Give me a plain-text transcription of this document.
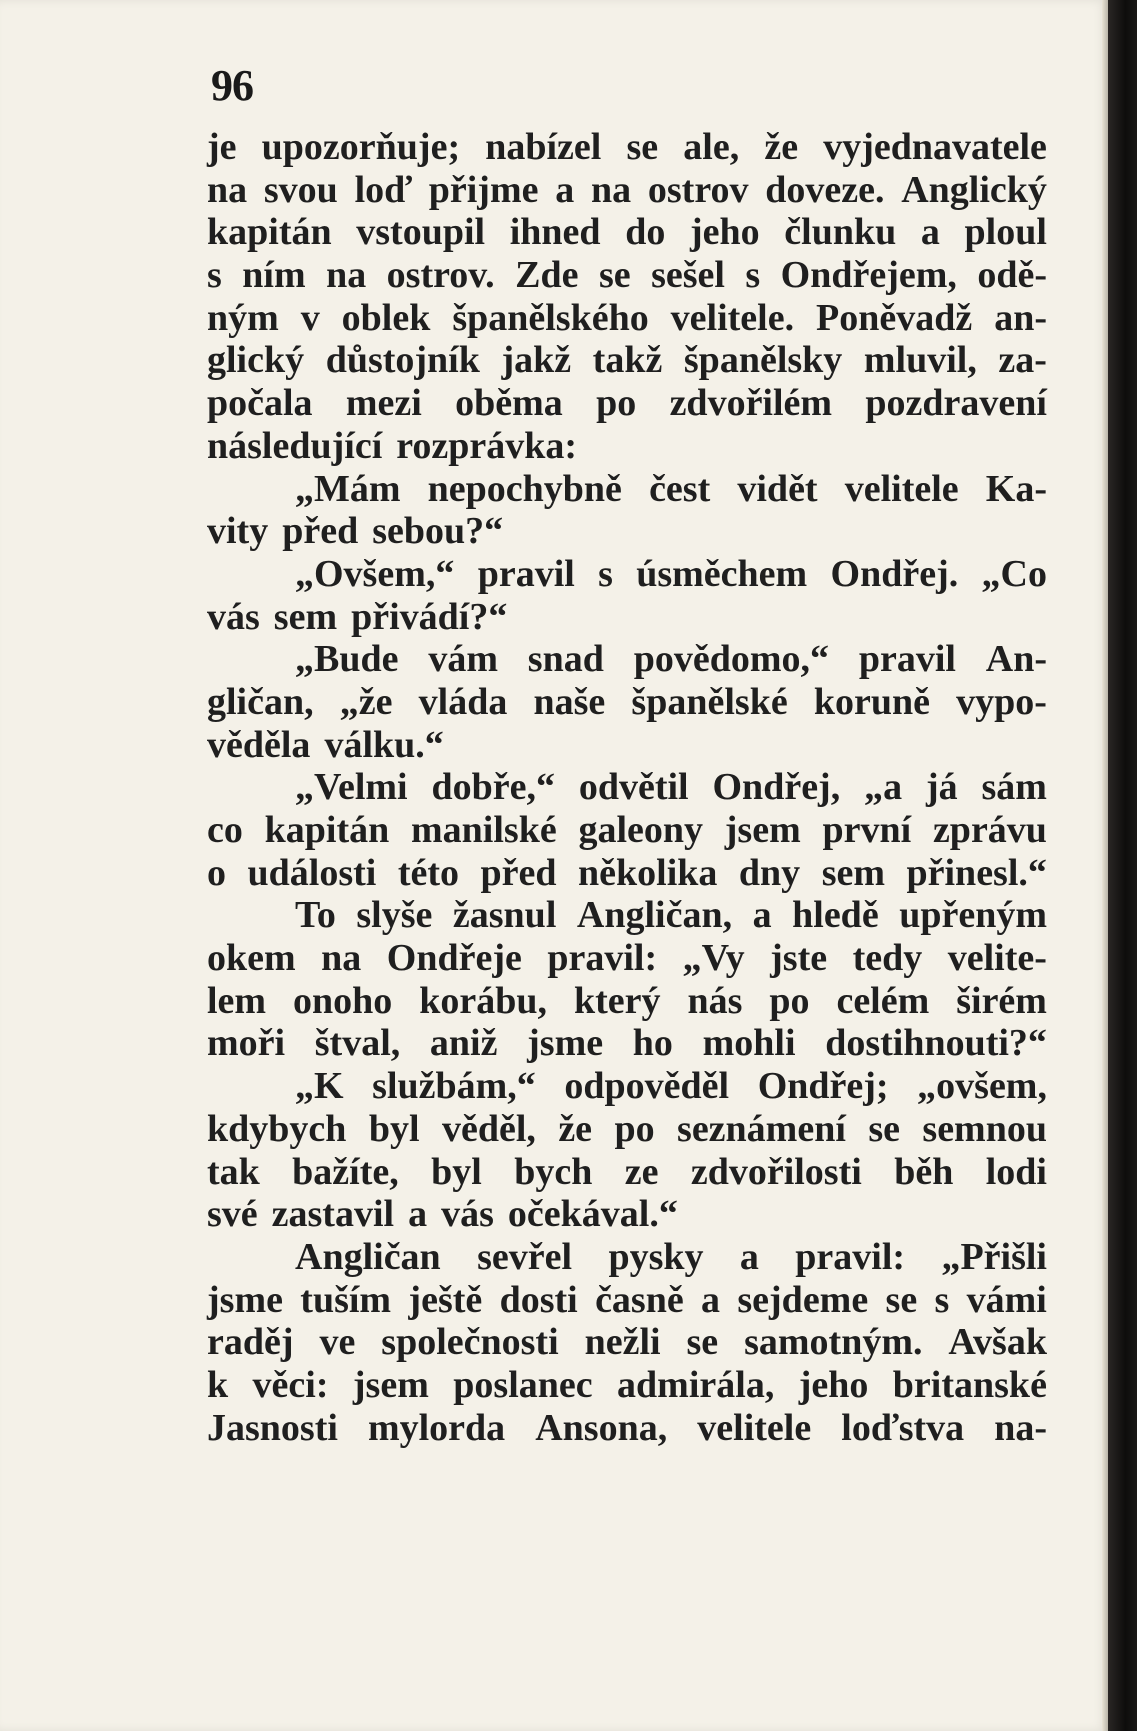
96
je upozorňuje; nabízel se ale, že vyjednavatele
na svou loď přijme a na ostrov doveze. Anglický
kapitán vstoupil ihned do jeho člunku a ploul
s ním na ostrov. Zde se sešel s Ondřejem, odě-
ným v oblek španělského velitele. Poněvadž an-
glický důstojník jakž takž španělsky mluvil, za-
počala mezi oběma po zdvořilém pozdravení
následující rozprávka:
„Mám nepochybně čest vidět velitele Ka-
vity před sebou?“
„Ovšem,“ pravil s úsměchem Ondřej. „Co
vás sem přivádí?“
„Bude vám snad povědomo,“ pravil An-
gličan, „že vláda naše španělské koruně vypo-
věděla válku.“
„Velmi dobře,“ odvětil Ondřej, „a já sám
co kapitán manilské galeony jsem první zprávu
o události této před několika dny sem přinesl.“
To slyše žasnul Angličan, a hledě upřeným
okem na Ondřeje pravil: „Vy jste tedy velite-
lem onoho korábu, který nás po celém širém
moři štval, aniž jsme ho mohli dostihnouti?“
„K službám,“ odpověděl Ondřej; „ovšem,
kdybych byl věděl, že po seznámení se semnou
tak bažíte, byl bych ze zdvořilosti běh lodi
své zastavil a vás očekával.“
Angličan sevřel pysky a pravil: „Přišli
jsme tuším ještě dosti časně a sejdeme se s vámi
raděj ve společnosti nežli se samotným. Avšak
k věci: jsem poslanec admirála, jeho britanské
Jasnosti mylorda Ansona, velitele loďstva na-
